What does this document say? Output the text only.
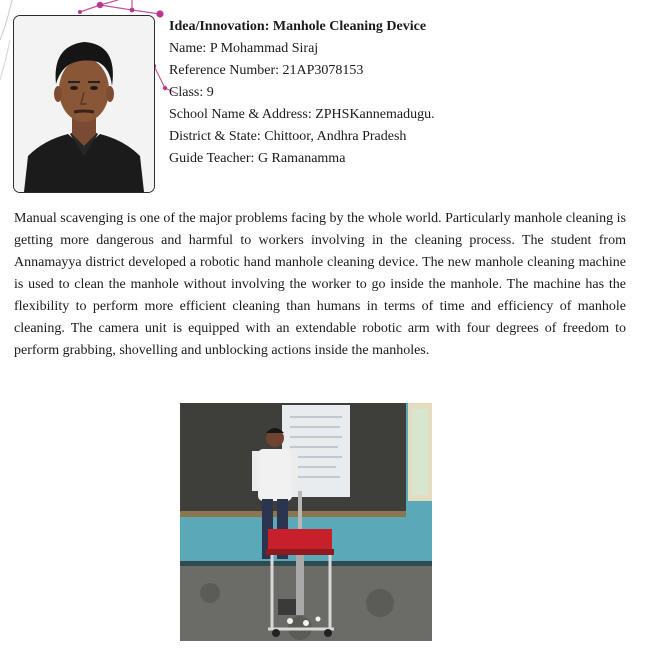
Idea/Innovation: Manhole Cleaning Device
Name: P Mohammad Siraj
Reference Number: 21AP3078153
Class: 9
School Name & Address: ZPHSKannemadugu.
District & State: Chittoor, Andhra Pradesh
Guide Teacher: G Ramanamma

Manual scavenging is one of the major problems facing by the whole world. Particularly manhole cleaning is getting more dangerous and harmful to workers involving in the cleaning process. The student from Annamayya district developed a robotic hand manhole cleaning device. The new manhole cleaning machine is used to clean the manhole without involving the worker to go inside the manhole. The machine has the flexibility to perform more efficient cleaning than humans in terms of time and efficiency of manhole cleaning. The camera unit is equipped with an extendable robotic arm with four degrees of freedom to perform grabbing, shovelling and unblocking actions inside the manholes.
